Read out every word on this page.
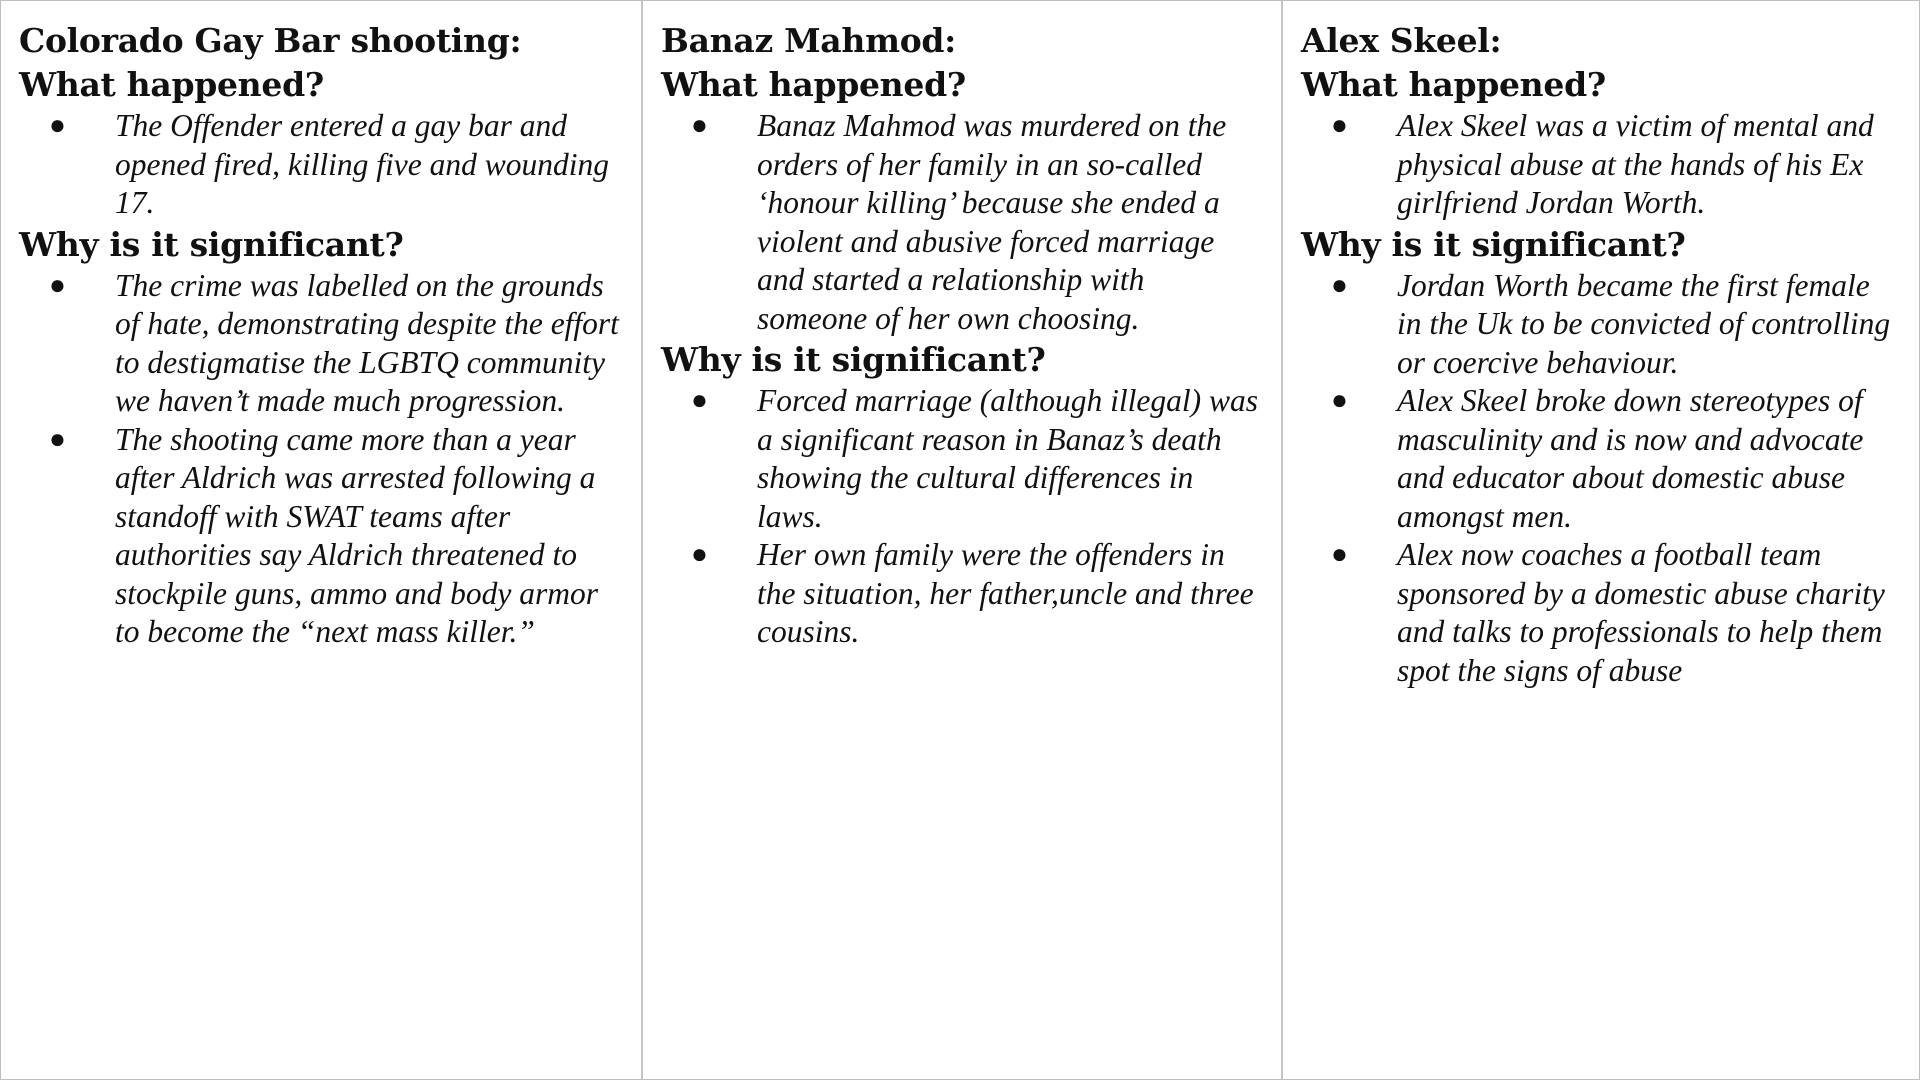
Colorado Gay Bar shooting:
What happened?
● The Offender entered a gay bar and opened fired, killing five and wounding 17.
Why is it significant?
● The crime was labelled on the grounds of hate, demonstrating despite the effort to destigmatise the LGBTQ community we haven’t made much progression.
● The shooting came more than a year after Aldrich was arrested following a standoff with SWAT teams after authorities say Aldrich threatened to stockpile guns, ammo and body armor to become the “next mass killer.”
Banaz Mahmod:
What happened?
● Banaz Mahmod was murdered on the orders of her family in an so-called ‘honour killing’ because she ended a violent and abusive forced marriage and started a relationship with someone of her own choosing.
Why is it significant?
● Forced marriage (although illegal) was a significant reason in Banaz’s death showing the cultural differences in laws.
● Her own family were the offenders in the situation, her father,uncle and three cousins.
Alex Skeel:
What happened?
● Alex Skeel was a victim of mental and physical abuse at the hands of his Ex girlfriend Jordan Worth.
Why is it significant?
● Jordan Worth became the first female in the Uk to be convicted of controlling or coercive behaviour.
● Alex Skeel broke down stereotypes of masculinity and is now and advocate and educator about domestic abuse amongst men.
● Alex now coaches a football team sponsored by a domestic abuse charity and talks to professionals to help them spot the signs of abuse
